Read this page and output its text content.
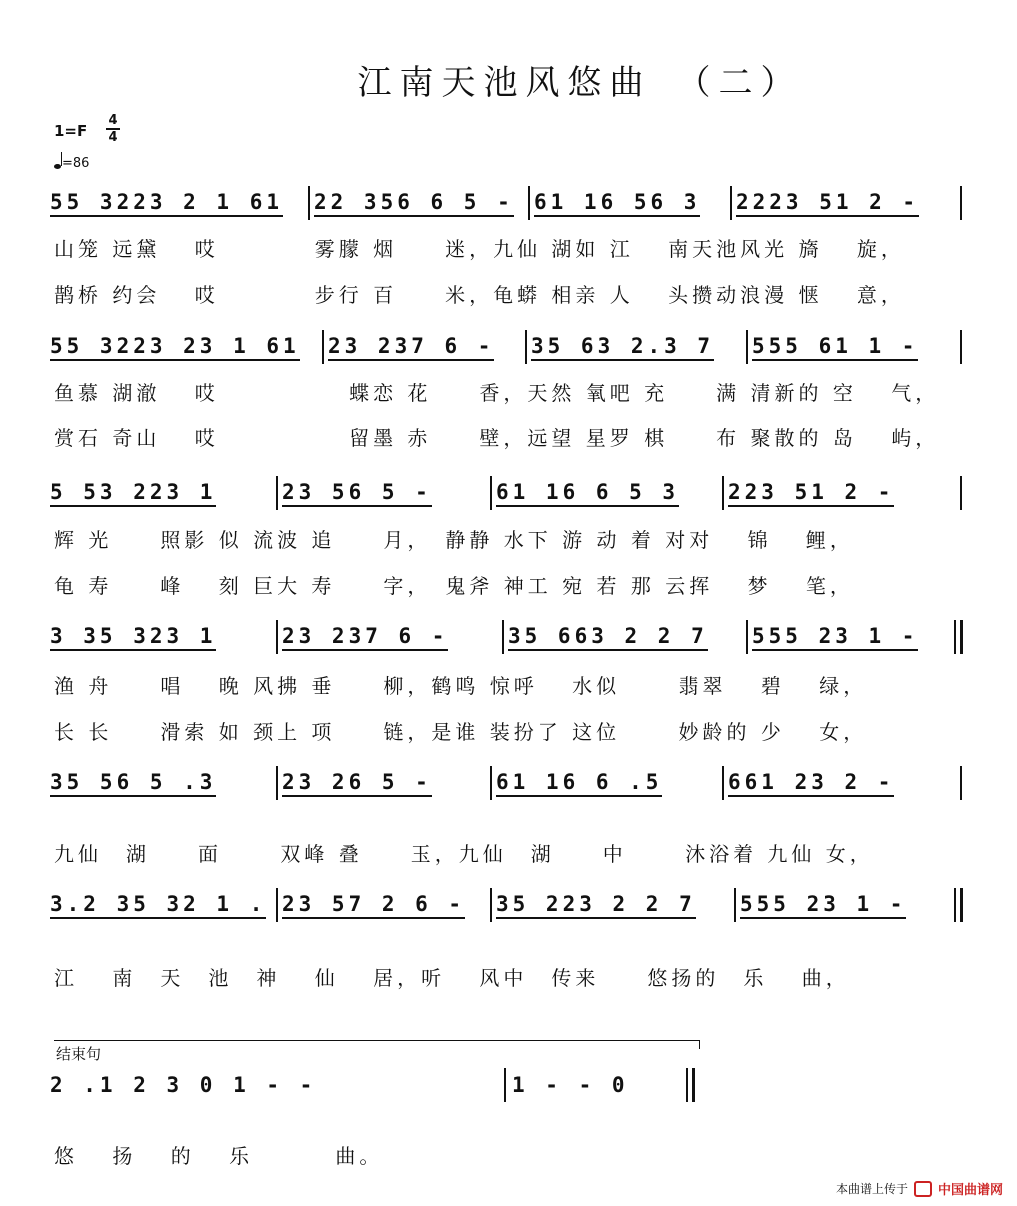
江南天池风悠曲　（二）
1=F
4
4
=86
55 3223 2 1 61 22 356 6 5 - 61 16 56 3 2223 51 2 -
山笼 远黛　 哎　　　　雾朦 烟　　迷，九仙 湖如 江　 南天池风光 旖　 旋，
鹊桥 约会　 哎　　　　步行 百　　米，龟蟒 相亲 人　 头攒动浪漫 惬　 意，
55 3223 23 1 61 23 237 6 - 35 63 2.3 7 555 61 1 -
鱼慕 湖澈　 哎　　　　　 蝶恋 花　　香，天然 氧吧 充　　满 清新的 空　 气，
赏石 奇山　 哎　　　　　 留墨 赤　　壁，远望 星罗 棋　　布 聚散的 岛　 屿，
5 53 223 1	23 56 5 -	61 16 6 5 3 223 51 2 -
辉 光　　照影 似 流波 追　　月，　静静 水下 游 动 着 对对　 锦　 鲤，
龟 寿　　峰　 刻 巨大 寿　　字，　鬼斧 神工 宛 若 那 云挥　 梦　 笔，
3 35 323 1	23 237 6 -	35 663 2 2 7 555 23 1 -
渔 舟　　唱　 晚 风拂 垂　　柳，鹤鸣 惊呼　 水似　　 翡翠　 碧　 绿，
长 长　　滑索 如 颈上 项　　链，是谁 装扮了 这位　　 妙龄的 少　 女，
35 56 5 .3	23 26 5 -	61 16 6 .5	661 23 2 -
九仙　湖　　面　　 双峰 叠　　玉，九仙　湖　　中　　 沐浴着 九仙 女，
3.2 35 32 1 . 23 57 2 6 - 35 223 2 2 7 555 23 1 -
江　 南　天　池　神　 仙　 居，听　 风中　传来　　悠扬的　乐　 曲，
结束句
2 .1 2 3 0 1 - -	1 - - 0
悠　 扬　 的　 乐　　　 曲。
本曲谱上传于 中国曲谱网
